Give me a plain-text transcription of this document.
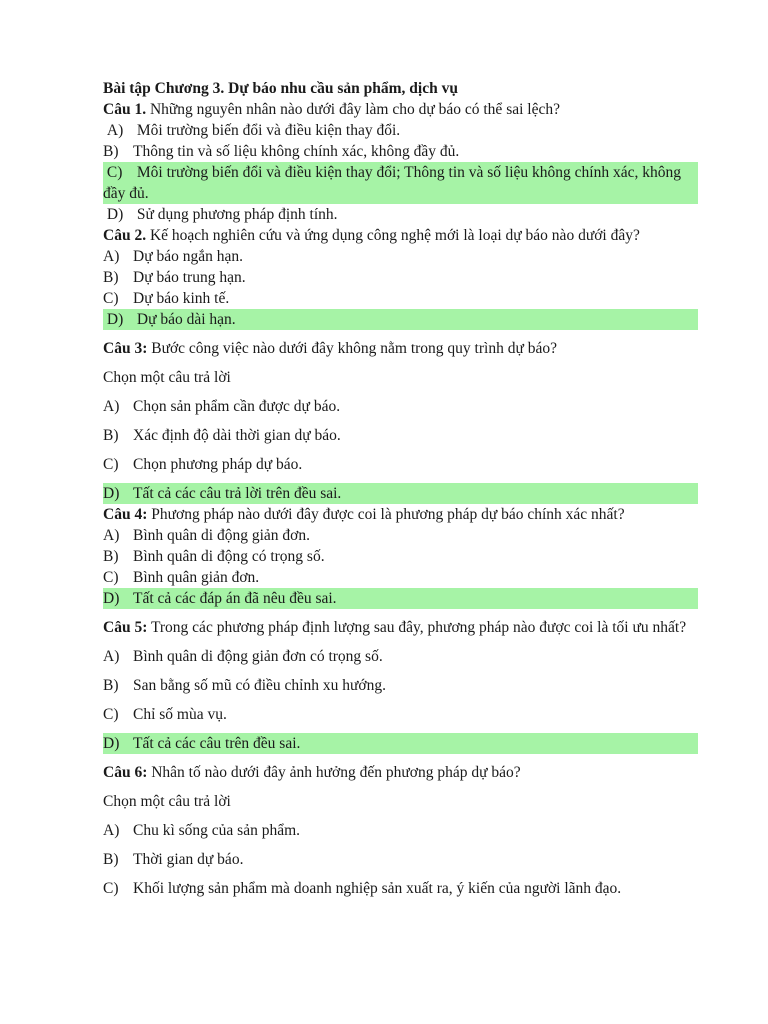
Bài tập Chương 3. Dự báo nhu cầu sản phẩm, dịch vụ
Câu 1. Những nguyên nhân nào dưới đây làm cho dự báo có thể sai lệch?
A) Môi trường biến đổi và điều kiện thay đổi.
B) Thông tin và số liệu không chính xác, không đầy đủ.
C) Môi trường biến đổi và điều kiện thay đổi; Thông tin và số liệu không chính xác, không đầy đủ.
D) Sử dụng phương pháp định tính.
Câu 2. Kế hoạch nghiên cứu và ứng dụng công nghệ mới là loại dự báo nào dưới đây?
A) Dự báo ngắn hạn.
B) Dự báo trung hạn.
C) Dự báo kinh tế.
D) Dự báo dài hạn.
Câu 3: Bước công việc nào dưới đây không nằm trong quy trình dự báo?
Chọn một câu trả lời
A) Chọn sản phẩm cần được dự báo.
B) Xác định độ dài thời gian dự báo.
C) Chọn phương pháp dự báo.
D) Tất cả các câu trả lời trên đều sai.
Câu 4: Phương pháp nào dưới đây được coi là phương pháp dự báo chính xác nhất?
A) Bình quân di động giản đơn.
B) Bình quân di động có trọng số.
C) Bình quân giản đơn.
D) Tất cả các đáp án đã nêu đều sai.
Câu 5: Trong các phương pháp định lượng sau đây, phương pháp nào được coi là tối ưu nhất?
A) Bình quân di động giản đơn có trọng số.
B) San bằng số mũ có điều chỉnh xu hướng.
C) Chỉ số mùa vụ.
D) Tất cả các câu trên đều sai.
Câu 6: Nhân tố nào dưới đây ảnh hưởng đến phương pháp dự báo?
Chọn một câu trả lời
A) Chu kì sống của sản phẩm.
B) Thời gian dự báo.
C) Khối lượng sản phẩm mà doanh nghiệp sản xuất ra, ý kiến của người lãnh đạo.
